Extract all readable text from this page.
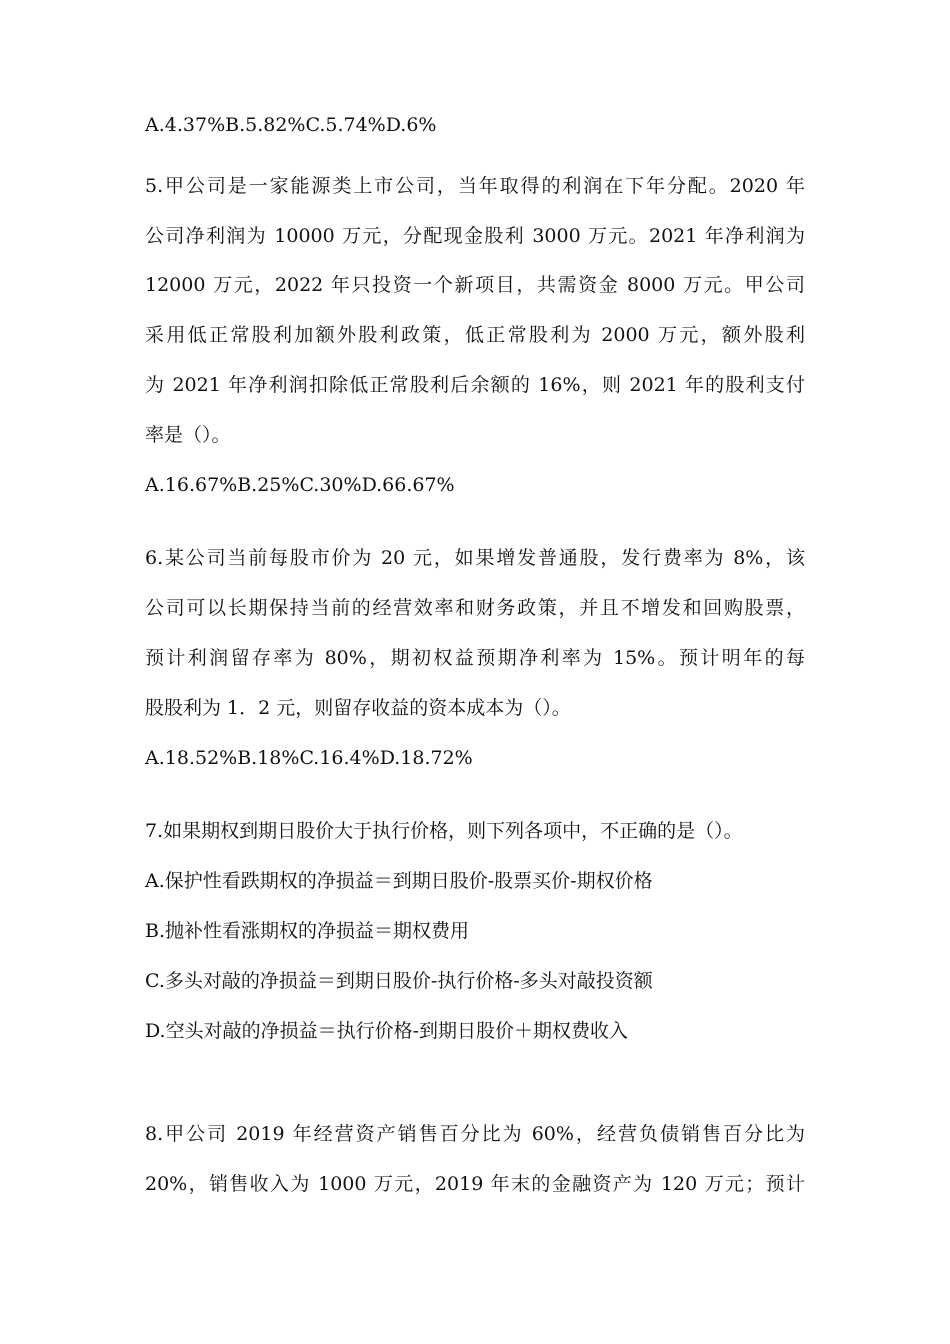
A.4.37%B.5.82%C.5.74%D.6%

5.甲公司是一家能源类上市公司，当年取得的利润在下年分配。2020 年

公司净利润为 10000 万元，分配现金股利 3000 万元。2021 年净利润为

12000 万元，2022 年只投资一个新项目，共需资金 8000 万元。甲公司

采用低正常股利加额外股利政策，低正常股利为 2000 万元，额外股利

为 2021 年净利润扣除低正常股利后余额的 16%，则 2021 年的股利支付

率是（）。

A.16.67%B.25%C.30%D.66.67%

6.某公司当前每股市价为 20 元，如果增发普通股，发行费率为 8%，该

公司可以长期保持当前的经营效率和财务政策，并且不增发和回购股票，

预计利润留存率为 80%，期初权益预期净利率为 15%。预计明年的每

股股利为 1．2 元，则留存收益的资本成本为（）。

A.18.52%B.18%C.16.4%D.18.72%

7.如果期权到期日股价大于执行价格，则下列各项中，不正确的是（）。

A.保护性看跌期权的净损益＝到期日股价-股票买价-期权价格

B.抛补性看涨期权的净损益＝期权费用

C.多头对敲的净损益＝到期日股价-执行价格-多头对敲投资额

D.空头对敲的净损益＝执行价格-到期日股价＋期权费收入

8.甲公司 2019 年经营资产销售百分比为 60%，经营负债销售百分比为

20%，销售收入为 1000 万元，2019 年末的金融资产为 120 万元；预计
